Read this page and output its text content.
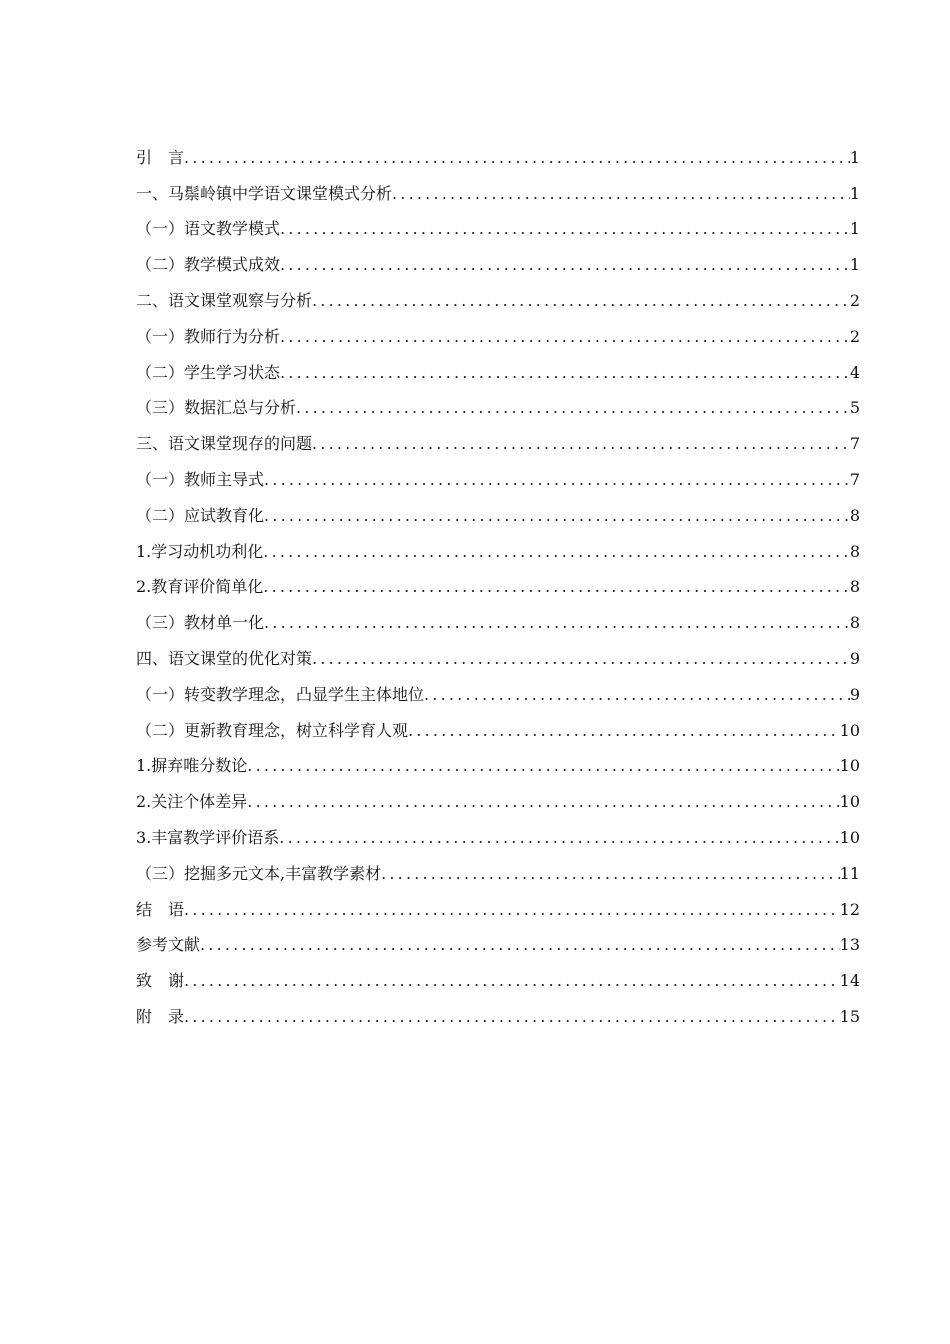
引　言 .....	1
一、马鬃岭镇中学语文课堂模式分析 .....	1
（一）语文教学模式 .....	1
（二）教学模式成效 .....	1
二、语文课堂观察与分析 .....	2
（一）教师行为分析 .....	2
（二）学生学习状态 .....	4
（三）数据汇总与分析 .....	5
三、语文课堂现存的问题 .....	7
（一）教师主导式 .....	7
（二）应试教育化 .....	8
1.学习动机功利化 .....	8
2.教育评价简单化 .....	8
（三）教材单一化 .....	8
四、语文课堂的优化对策 .....	9
（一）转变教学理念，凸显学生主体地位 .....	9
（二）更新教育理念，树立科学育人观 .....	10
1.摒弃唯分数论 .....	10
2.关注个体差异 .....	10
3.丰富教学评价语系 .....	10
（三）挖掘多元文本,丰富教学素材 .....	11
结　语 .....	12
参考文献 .....	13
致　谢 .....	14
附　录 .....	15
